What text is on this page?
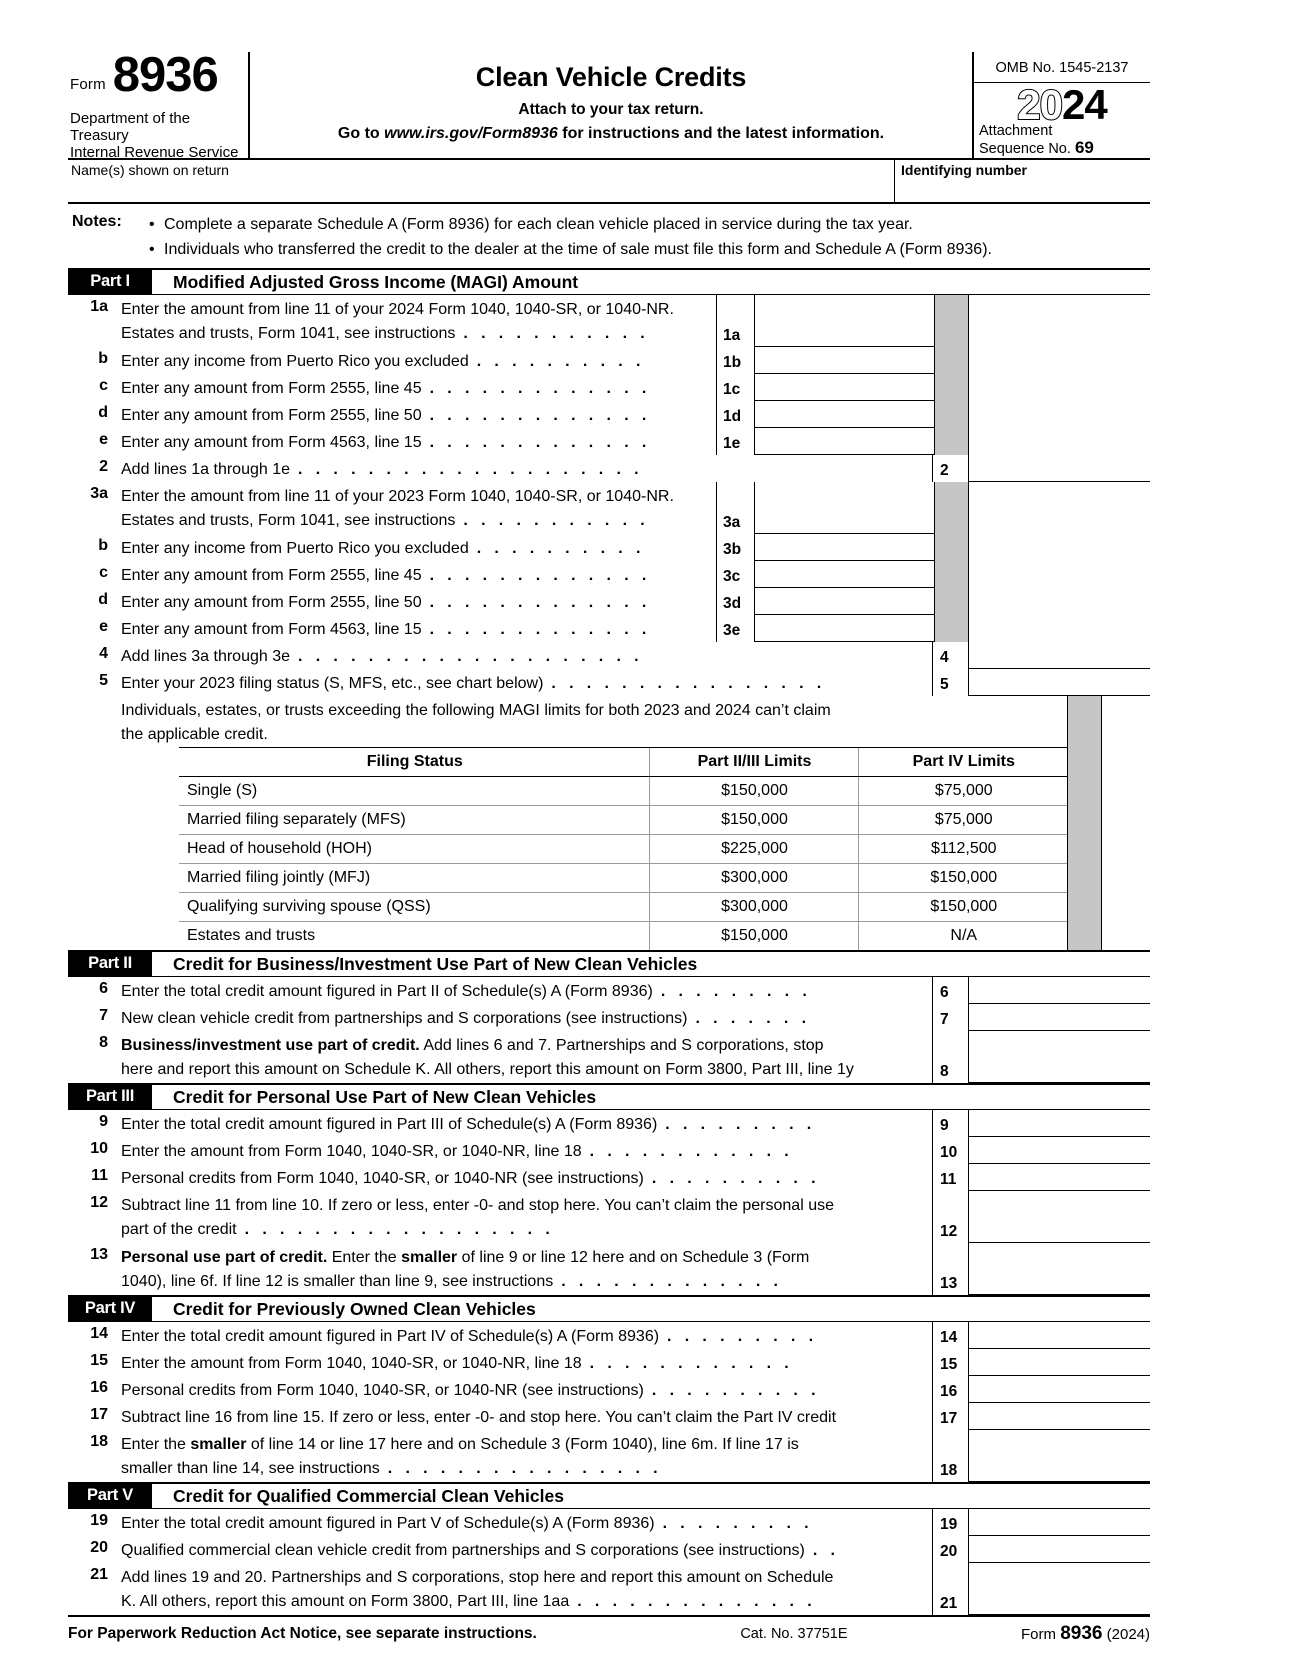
Form 8936
Department of the Treasury
Internal Revenue Service
Clean Vehicle Credits
Attach to your tax return.
Go to www.irs.gov/Form8936 for instructions and the latest information.
OMB No. 1545-2137
2024
Attachment
Sequence No. 69
Name(s) shown on return	Identifying number
Notes:	• Complete a separate Schedule A (Form 8936) for each clean vehicle placed in service during the tax year.
• Individuals who transferred the credit to the dealer at the time of sale must file this form and Schedule A (Form 8936).
Part I	Modified Adjusted Gross Income (MAGI) Amount
1a Enter the amount from line 11 of your 2024 Form 1040, 1040-SR, or 1040-NR.
Estates and trusts, Form 1041, see instructions . . . . . . . . . . .	1a
b Enter any income from Puerto Rico you excluded . . . . . . . . . .	1b
c Enter any amount from Form 2555, line 45 . . . . . . . . . . . . .	1c
d Enter any amount from Form 2555, line 50 . . . . . . . . . . . . .	1d
e Enter any amount from Form 4563, line 15 . . . . . . . . . . . . .	1e
2 Add lines 1a through 1e . . . . . . . . . . . . . . . . . . . .	2
3a Enter the amount from line 11 of your 2023 Form 1040, 1040-SR, or 1040-NR.
Estates and trusts, Form 1041, see instructions . . . . . . . . . . .	3a
b Enter any income from Puerto Rico you excluded . . . . . . . . . .	3b
c Enter any amount from Form 2555, line 45 . . . . . . . . . . . . .	3c
d Enter any amount from Form 2555, line 50 . . . . . . . . . . . . .	3d
e Enter any amount from Form 4563, line 15 . . . . . . . . . . . . .	3e
4 Add lines 3a through 3e . . . . . . . . . . . . . . . . . . . .	4
5 Enter your 2023 filing status (S, MFS, etc., see chart below) . . . . . . . . . . . . . . . .	5
Individuals, estates, or trusts exceeding the following MAGI limits for both 2023 and 2024 can’t claim
the applicable credit.
Filing Status	Part II/III Limits	Part IV Limits
Single (S)	$150,000	$75,000
Married filing separately (MFS)	$150,000	$75,000
Head of household (HOH)	$225,000	$112,500
Married filing jointly (MFJ)	$300,000	$150,000
Qualifying surviving spouse (QSS)	$300,000	$150,000
Estates and trusts	$150,000	N/A
Part II	Credit for Business/Investment Use Part of New Clean Vehicles
6 Enter the total credit amount figured in Part II of Schedule(s) A (Form 8936) . . . . . . . . .	6
7 New clean vehicle credit from partnerships and S corporations (see instructions) . . . . . . .	7
8 Business/investment use part of credit. Add lines 6 and 7. Partnerships and S corporations, stop
here and report this amount on Schedule K. All others, report this amount on Form 3800, Part III, line 1y	8
Part III	Credit for Personal Use Part of New Clean Vehicles
9 Enter the total credit amount figured in Part III of Schedule(s) A (Form 8936) . . . . . . . . .	9
10 Enter the amount from Form 1040, 1040-SR, or 1040-NR, line 18 . . . . . . . . . . . .	10
11 Personal credits from Form 1040, 1040-SR, or 1040-NR (see instructions) . . . . . . . . . .	11
12 Subtract line 11 from line 10. If zero or less, enter -0- and stop here. You can’t claim the personal use
part of the credit . . . . . . . . . . . . . . . . . .	12
13 Personal use part of credit. Enter the smaller of line 9 or line 12 here and on Schedule 3 (Form
1040), line 6f. If line 12 is smaller than line 9, see instructions . . . . . . . . . . . . .	13
Part IV	Credit for Previously Owned Clean Vehicles
14 Enter the total credit amount figured in Part IV of Schedule(s) A (Form 8936) . . . . . . . . .	14
15 Enter the amount from Form 1040, 1040-SR, or 1040-NR, line 18 . . . . . . . . . . . .	15
16 Personal credits from Form 1040, 1040-SR, or 1040-NR (see instructions) . . . . . . . . . .	16
17 Subtract line 16 from line 15. If zero or less, enter -0- and stop here. You can’t claim the Part IV credit	17
18 Enter the smaller of line 14 or line 17 here and on Schedule 3 (Form 1040), line 6m. If line 17 is
smaller than line 14, see instructions . . . . . . . . . . . . . . . .	18
Part V	Credit for Qualified Commercial Clean Vehicles
19 Enter the total credit amount figured in Part V of Schedule(s) A (Form 8936) . . . . . . . . .	19
20 Qualified commercial clean vehicle credit from partnerships and S corporations (see instructions) . .	20
21 Add lines 19 and 20. Partnerships and S corporations, stop here and report this amount on Schedule
K. All others, report this amount on Form 3800, Part III, line 1aa . . . . . . . . . . . . . .	21
For Paperwork Reduction Act Notice, see separate instructions.	Cat. No. 37751E	Form 8936 (2024)
